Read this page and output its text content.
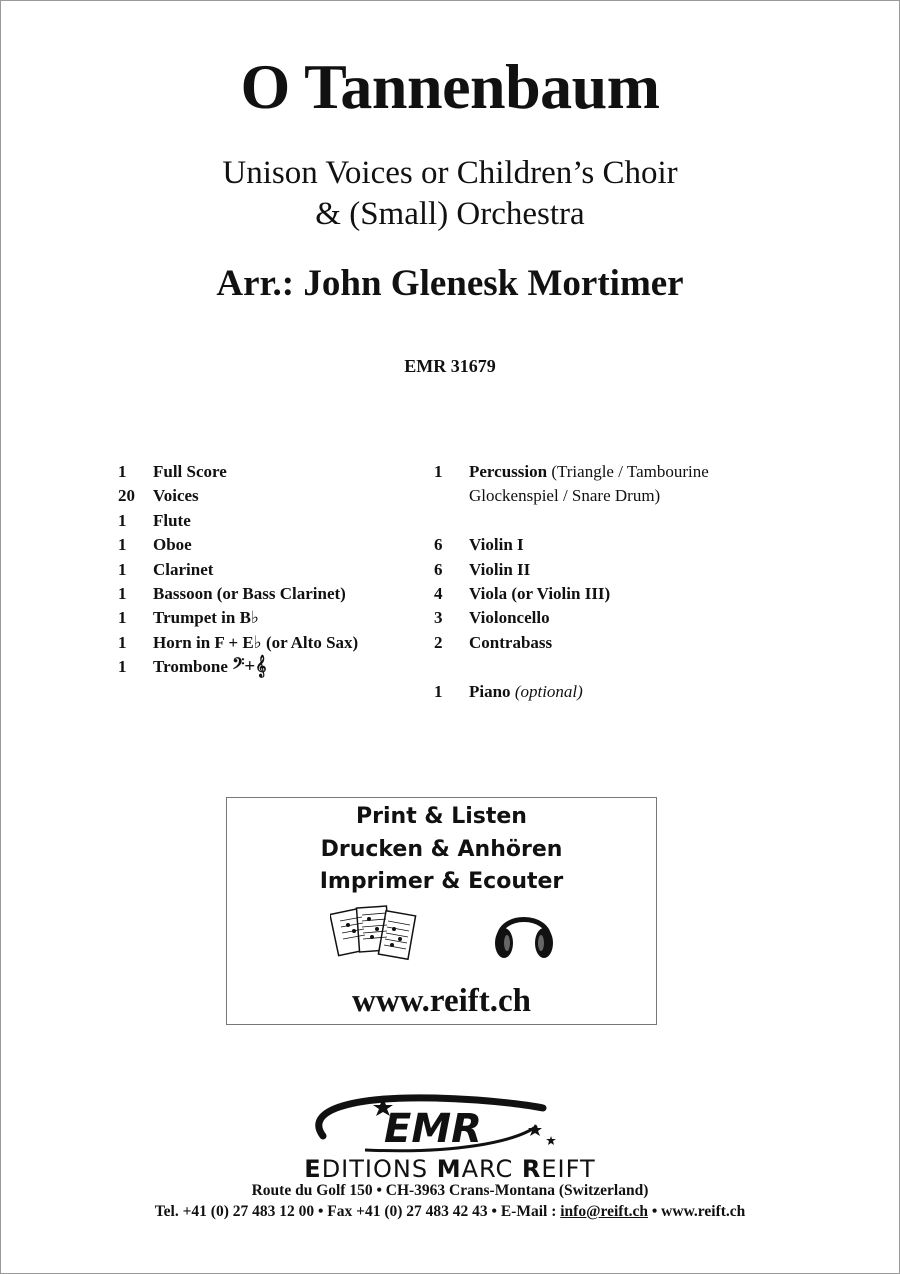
O Tannenbaum
Unison Voices or Children’s Choir
& (Small) Orchestra
Arr.: John Glenesk Mortimer
EMR 31679
1	Full Score
20	Voices
1	Flute
1	Oboe
1	Clarinet
1	Bassoon (or Bass Clarinet)
1	Trumpet in B♭
1	Horn in F + E♭ (or Alto Sax)
1	Trombone
𝄢+𝄞
1	Percussion
(Triangle / Tambourine
Glockenspiel / Snare Drum)
6	Violin I
6	Violin II
4	Viola (or Violin III)
3	Violoncello
2	Contrabass
1	Piano
(optional)
Print & Listen
Drucken & Anhören
Imprimer & Ecouter
www.reift.ch
EMR
EDITIONS MARC REIFT
Route du Golf 150 • CH-3963 Crans-Montana (Switzerland)
Tel. +41 (0) 27 483 12 00 • Fax +41 (0) 27 483 42 43 • E-Mail : info@reift.ch • www.reift.ch
